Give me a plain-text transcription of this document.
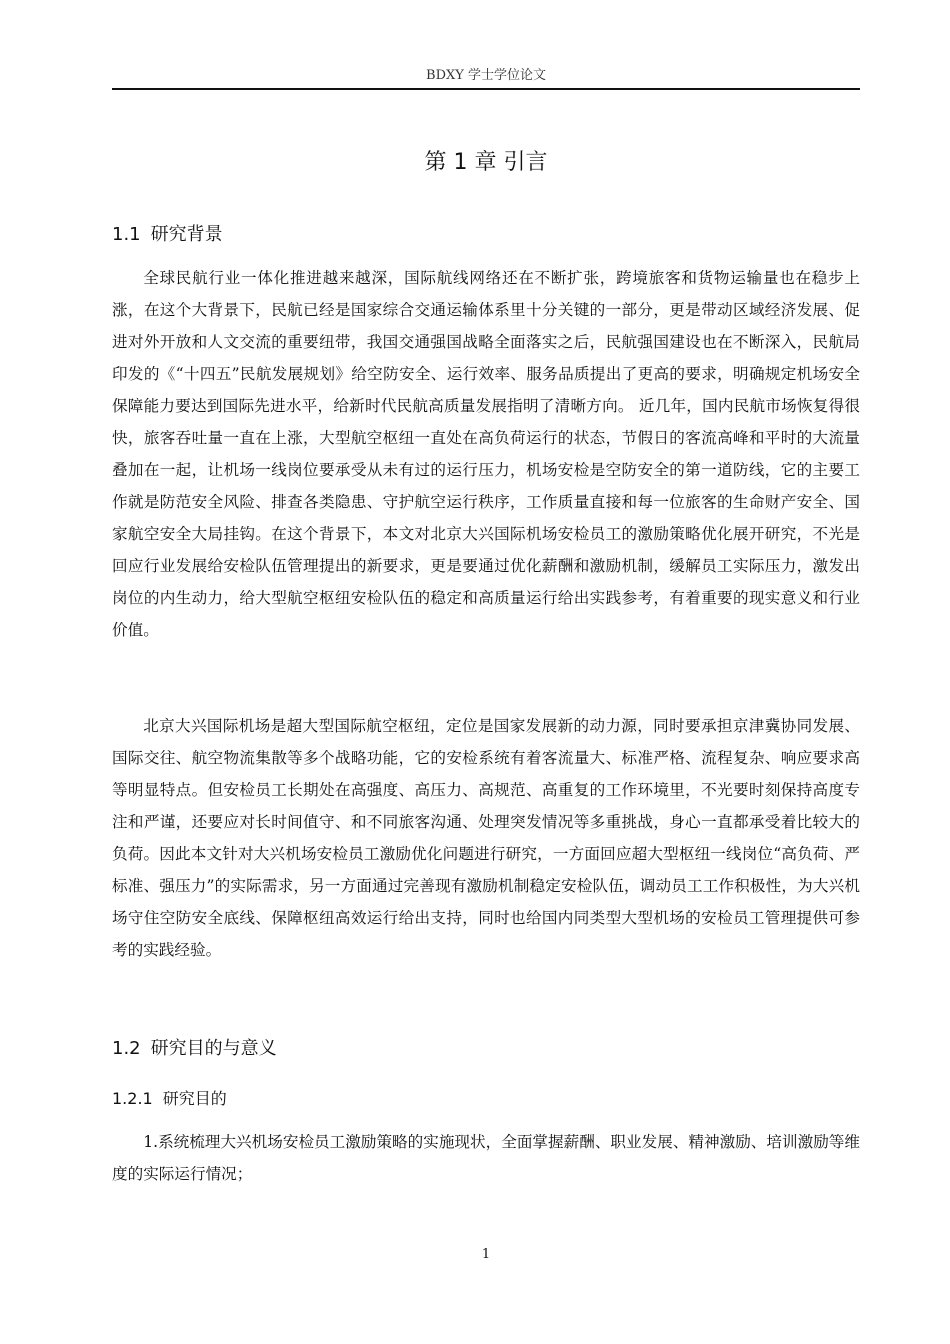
BDXY 学士学位论文
第 1 章 引言
1.1 研究背景

全球民航行业一体化推进越来越深，国际航线网络还在不断扩张，跨境旅客和货物运输量也在稳步上涨，在这个大背景下，民航已经是国家综合交通运输体系里十分关键的一部分，更是带动区域经济发展、促进对外开放和人文交流的重要纽带，我国交通强国战略全面落实之后，民航强国建设也在不断深入，民航局印发的《“十四五”民航发展规划》给空防安全、运行效率、服务品质提出了更高的要求，明确规定机场安全保障能力要达到国际先进水平，给新时代民航高质量发展指明了清晰方向。 近几年，国内民航市场恢复得很快，旅客吞吐量一直在上涨，大型航空枢纽一直处在高负荷运行的状态，节假日的客流高峰和平时的大流量叠加在一起，让机场一线岗位要承受从未有过的运行压力，机场安检是空防安全的第一道防线，它的主要工作就是防范安全风险、排查各类隐患、守护航空运行秩序，工作质量直接和每一位旅客的生命财产安全、国家航空安全大局挂钩。在这个背景下，本文对北京大兴国际机场安检员工的激励策略优化展开研究，不光是回应行业发展给安检队伍管理提出的新要求，更是要通过优化薪酬和激励机制，缓解员工实际压力，激发出岗位的内生动力，给大型航空枢纽安检队伍的稳定和高质量运行给出实践参考，有着重要的现实意义和行业价值。

北京大兴国际机场是超大型国际航空枢纽，定位是国家发展新的动力源，同时要承担京津冀协同发展、国际交往、航空物流集散等多个战略功能，它的安检系统有着客流量大、标准严格、流程复杂、响应要求高等明显特点。但安检员工长期处在高强度、高压力、高规范、高重复的工作环境里，不光要时刻保持高度专注和严谨，还要应对长时间值守、和不同旅客沟通、处理突发情况等多重挑战，身心一直都承受着比较大的负荷。因此本文针对大兴机场安检员工激励优化问题进行研究，一方面回应超大型枢纽一线岗位“高负荷、严标准、强压力”的实际需求，另一方面通过完善现有激励机制稳定安检队伍，调动员工工作积极性，为大兴机场守住空防安全底线、保障枢纽高效运行给出支持，同时也给国内同类型大型机场的安检员工管理提供可参考的实践经验。

1.2 研究目的与意义
1.2.1 研究目的

1.系统梳理大兴机场安检员工激励策略的实施现状，全面掌握薪酬、职业发展、精神激励、培训激励等维度的实际运行情况；

1
